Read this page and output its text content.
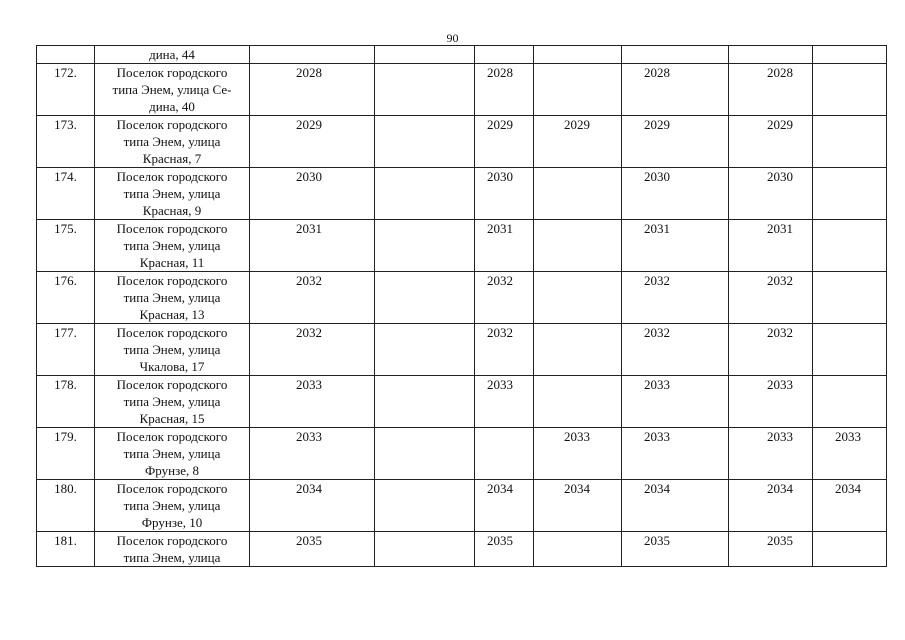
90

	дина, 44							

172.	Поселок городского
типа Энем, улица Се-
дина, 40	2028		2028		2028	2028	
173.	Поселок городского
типа Энем, улица
Красная, 7	2029		2029	2029	2029	2029	
174.	Поселок городского
типа Энем, улица
Красная, 9	2030		2030		2030	2030	
175.	Поселок городского
типа Энем, улица
Красная, 11	2031		2031		2031	2031	
176.	Поселок городского
типа Энем, улица
Красная, 13	2032		2032		2032	2032	
177.	Поселок городского
типа Энем, улица
Чкалова, 17	2032		2032		2032	2032	
178.	Поселок городского
типа Энем, улица
Красная, 15	2033		2033		2033	2033	
179.	Поселок городского
типа Энем, улица
Фрунзе, 8	2033			2033	2033	2033	2033
180.	Поселок городского
типа Энем, улица
Фрунзе, 10	2034		2034	2034	2034	2034	2034
181.	Поселок городского
типа Энем, улица	2035		2035		2035	2035	
